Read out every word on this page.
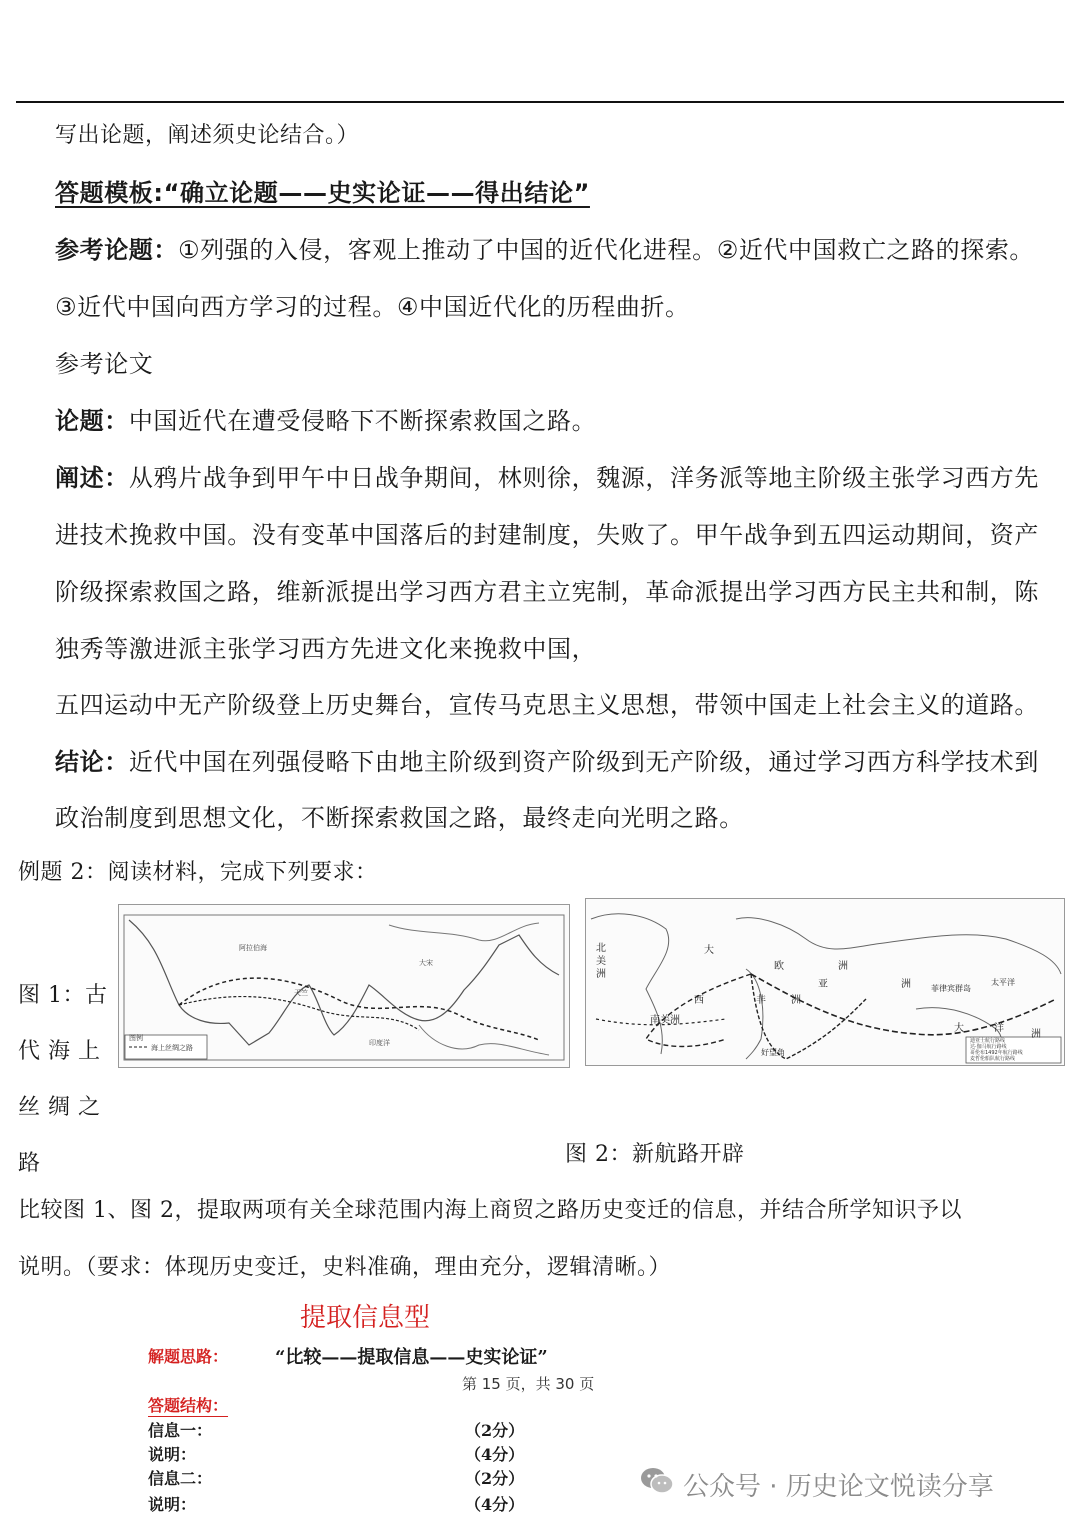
写出论题，阐述须史论结合。）
答题模板:“确立论题——史实论证——得出结论”
参考论题：①列强的入侵，客观上推动了中国的近代化进程。②近代中国救亡之路的探索。
③近代中国向西方学习的过程。④中国近代化的历程曲折。
参考论文
论题：中国近代在遭受侵略下不断探索救国之路。
阐述：从鸦片战争到甲午中日战争期间，林则徐，魏源，洋务派等地主阶级主张学习西方先
进技术挽救中国。没有变革中国落后的封建制度，失败了。甲午战争到五四运动期间，资产
阶级探索救国之路，维新派提出学习西方君主立宪制，革命派提出学习西方民主共和制，陈
独秀等激进派主张学习西方先进文化来挽救中国，
五四运动中无产阶级登上历史舞台，宣传马克思主义思想，带领中国走上社会主义的道路。
结论：近代中国在列强侵略下由地主阶级到资产阶级到无产阶级，通过学习西方科学技术到
政治制度到思想文化，不断探索救国之路，最终走向光明之路。
例题 2：阅读材料，完成下列要求：
图 1：古
代 海 上
丝 绸 之
路
阿拉伯海
天竺
大宋
印度洋
图例
海上丝绸之路
北
美
洲
大
欧	洲
亚	洲
非	洲
西
南美洲
太平洋
菲律宾群岛
大	洋
洲
好望角
迪亚士航行路线
达·伽马航行路线
哥伦布1492年航行路线
麦哲伦船队航行路线
图 2：新航路开辟
比较图 1、图 2，提取两项有关全球范围内海上商贸之路历史变迁的信息，并结合所学知识予以
说明。（要求：体现历史变迁，史料准确，理由充分，逻辑清晰。）
提取信息型
解题思路：	“比较——提取信息——史实论证”
第 15 页，共 30 页
答题结构：
信息一：	（2分）
说明：	（4分）
信息二：	（2分）
说明：	（4分）
公众号 · 历史论文悦读分享
